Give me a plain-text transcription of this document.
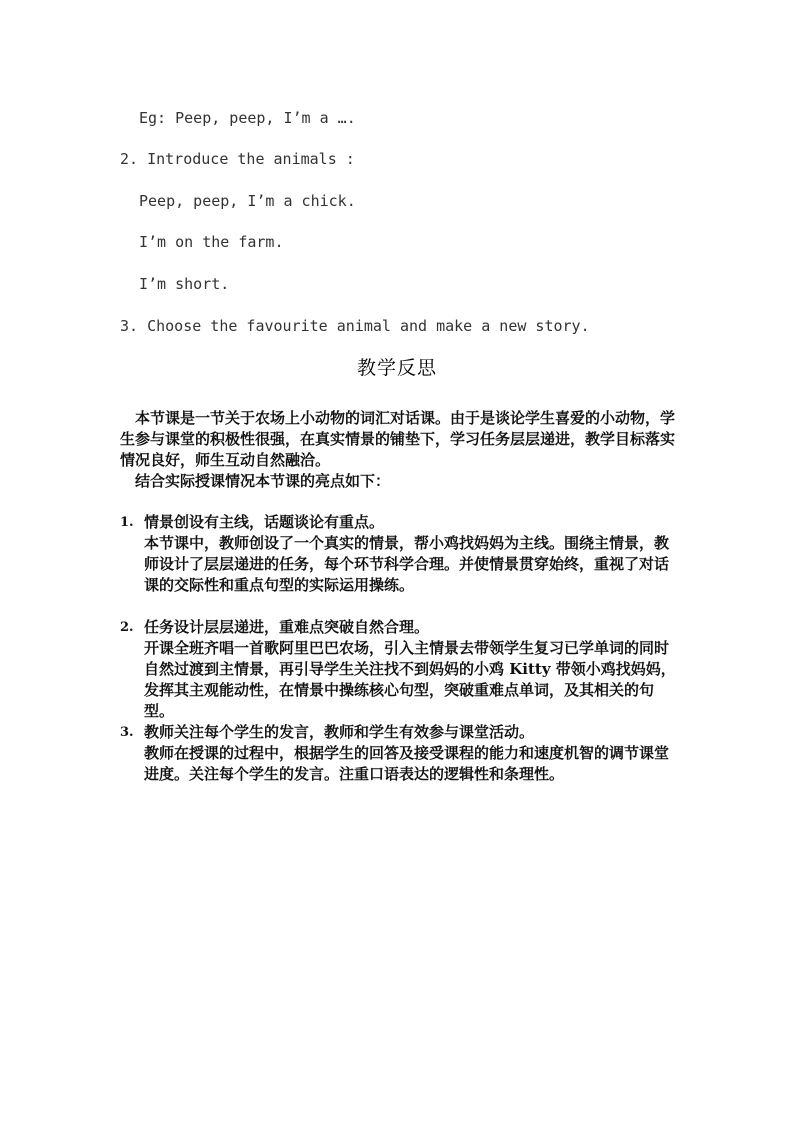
Eg: Peep, peep, I’m a ….
2. Introduce the animals :
Peep, peep, I’m a chick.
I’m on the farm.
I’m short.
3. Choose the favourite animal and make a new story.
教学反思

本节课是一节关于农场上小动物的词汇对话课。由于是谈论学生喜爱的小动物，学生参与课堂的积极性很强，在真实情景的铺垫下，学习任务层层递进，教学目标落实情况良好，师生互动自然融洽。

结合实际授课情况本节课的亮点如下：

1. 情景创设有主线，话题谈论有重点。

本节课中，教师创设了一个真实的情景，帮小鸡找妈妈为主线。围绕主情景，教师设计了层层递进的任务，每个环节科学合理。并使情景贯穿始终，重视了对话课的交际性和重点句型的实际运用操练。

2. 任务设计层层递进，重难点突破自然合理。

开课全班齐唱一首歌阿里巴巴农场，引入主情景去带领学生复习已学单词的同时自然过渡到主情景，再引导学生关注找不到妈妈的小鸡 Kitty 带领小鸡找妈妈，发挥其主观能动性，在情景中操练核心句型，突破重难点单词，及其相关的句型。

3. 教师关注每个学生的发言，教师和学生有效参与课堂活动。

教师在授课的过程中，根据学生的回答及接受课程的能力和速度机智的调节课堂进度。关注每个学生的发言。注重口语表达的逻辑性和条理性。
